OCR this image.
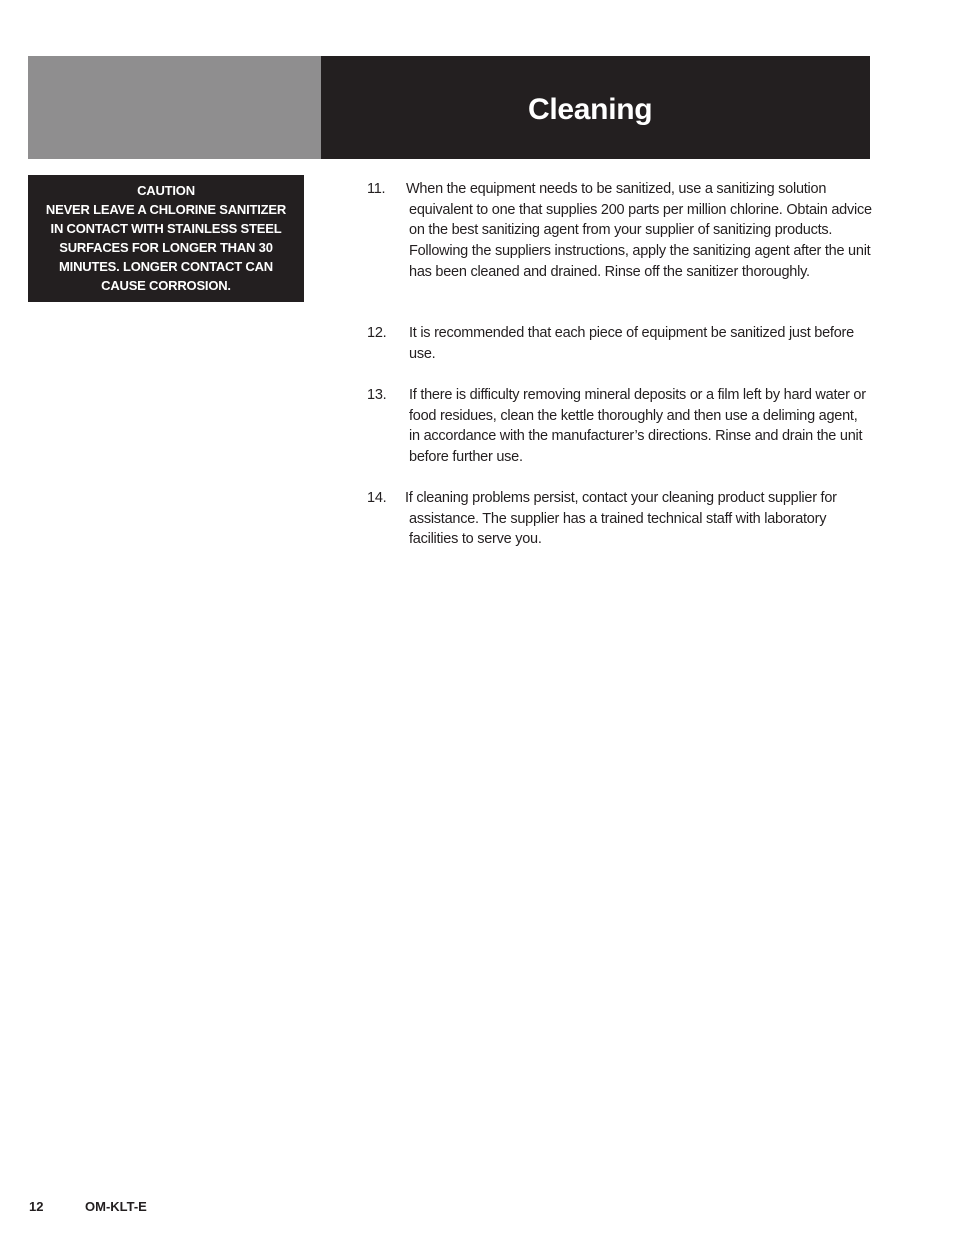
Cleaning
CAUTION
NEVER LEAVE A CHLORINE SANITIZER
IN CONTACT WITH STAINLESS STEEL
SURFACES FOR LONGER THAN 30
MINUTES. LONGER CONTACT CAN
CAUSE CORROSION.
11. When the equipment needs to be sanitized, use a sanitizing solution equivalent to one that supplies 200 parts per million chlorine. Obtain advice on the best sanitizing agent from your supplier of sanitizing products. Following the suppliers instructions, apply the sanitizing agent after the unit has been cleaned and drained. Rinse off the sanitizer thoroughly.
12. It is recommended that each piece of equipment be sanitized just before use.
13. If there is difficulty removing mineral deposits or a film left by hard water or food residues, clean the kettle thoroughly and then use a deliming agent, in accordance with the manufacturer’s directions. Rinse and drain the unit before further use.
14. If cleaning problems persist, contact your cleaning product supplier for assistance. The supplier has a trained technical staff with laboratory facilities to serve you.
12	OM-KLT-E
